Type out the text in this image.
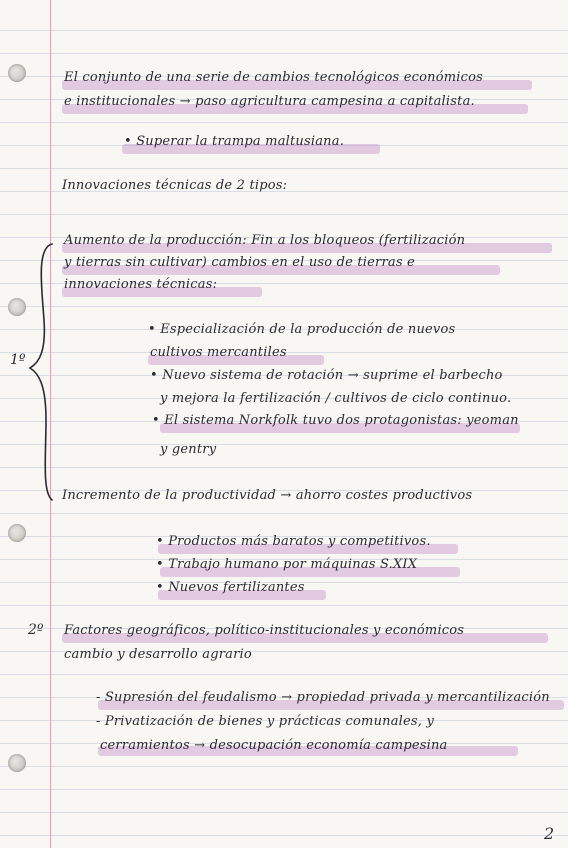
El conjunto de una serie de cambios tecnológicos económicos
e institucionales → paso agricultura campesina a capitalista.
• Superar la trampa maltusiana.
Innovaciones técnicas de 2 tipos:
Aumento de la producción: Fin a los bloqueos (fertilización
y tierras sin cultivar) cambios en el uso de tierras e
innovaciones técnicas:
• Especialización de la producción de nuevos
cultivos mercantiles
• Nuevo sistema de rotación → suprime el barbecho
y mejora la fertilización / cultivos de ciclo continuo.
• El sistema Norkfolk tuvo dos protagonistas: yeoman
y gentry
Incremento de la productividad → ahorro costes productivos
• Productos más baratos y competitivos.
• Trabajo humano por máquinas S.XIX
• Nuevos fertilizantes
Factores geográficos, político-institucionales y económicos
cambio y desarrollo agrario
- Supresión del feudalismo → propiedad privada y mercantilización
- Privatización de bienes y prácticas comunales, y
cerramientos → desocupación economía campesina
1º
2º
2
